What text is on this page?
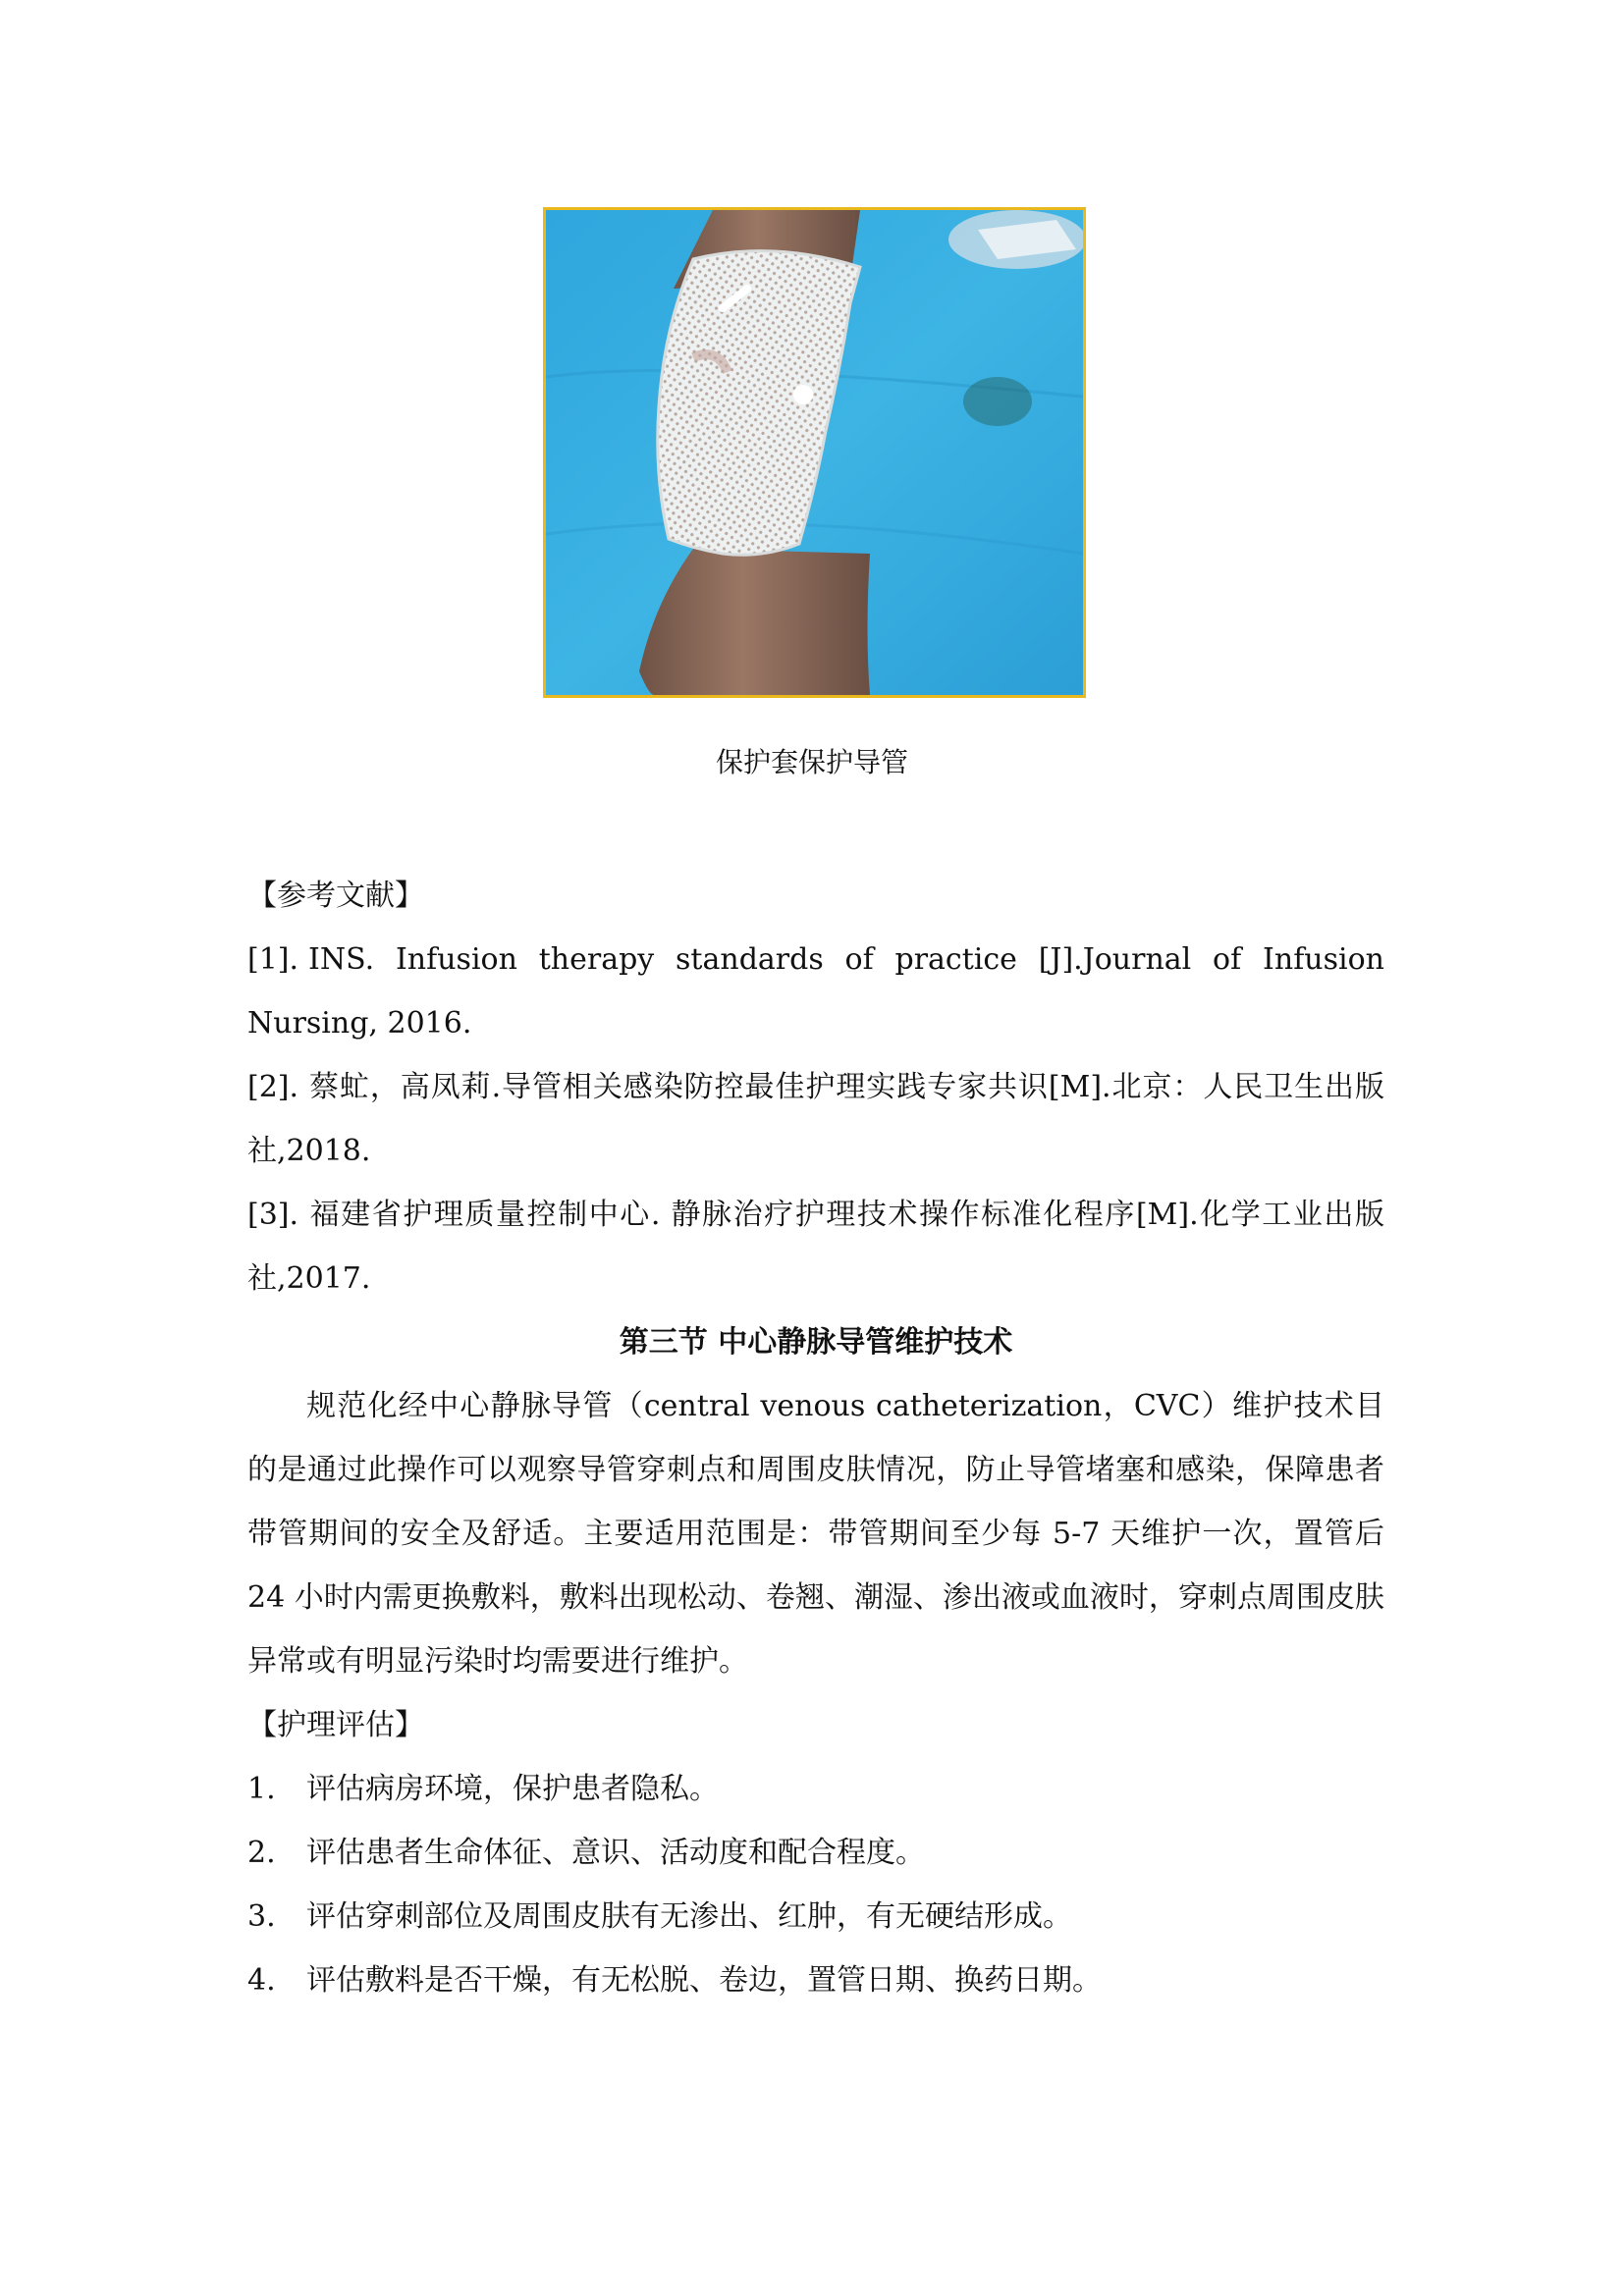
保护套保护导管

【参考文献】

[1]. INS. Infusion therapy standards of practice [J].Journal of Infusion Nursing, 2016.

[2]. 蔡虻，高凤莉.导管相关感染防控最佳护理实践专家共识[M].北京：人民卫生出版社,2018.

[3]. 福建省护理质量控制中心. 静脉治疗护理技术操作标准化程序[M].化学工业出版社,2017.

第三节 中心静脉导管维护技术

规范化经中心静脉导管（central venous catheterization，CVC）维护技术目的是通过此操作可以观察导管穿刺点和周围皮肤情况，防止导管堵塞和感染，保障患者带管期间的安全及舒适。主要适用范围是：带管期间至少每 5-7 天维护一次，置管后 24 小时内需更换敷料，敷料出现松动、卷翘、潮湿、渗出液或血液时，穿刺点周围皮肤异常或有明显污染时均需要进行维护。

【护理评估】

1. 评估病房环境，保护患者隐私。

2. 评估患者生命体征、意识、活动度和配合程度。

3. 评估穿刺部位及周围皮肤有无渗出、红肿，有无硬结形成。

4. 评估敷料是否干燥，有无松脱、卷边，置管日期、换药日期。
